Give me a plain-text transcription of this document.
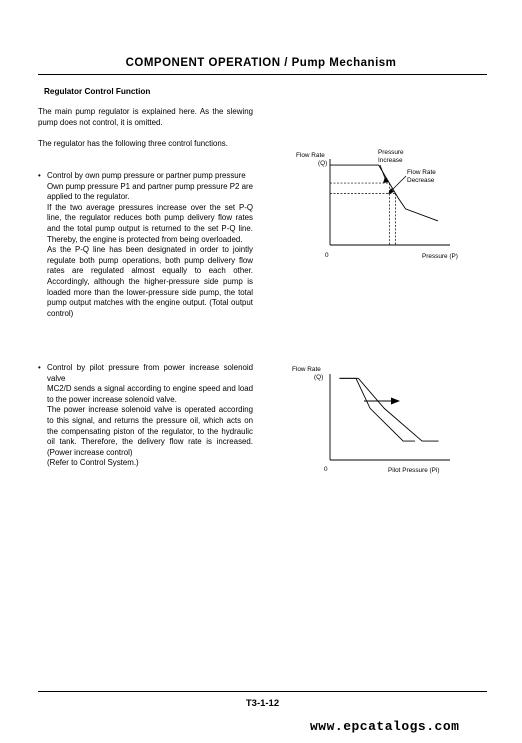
COMPONENT OPERATION / Pump Mechanism
Regulator Control Function

The main pump regulator is explained here. As the slewing pump does not control, it is omitted.

The regulator has the following three control functions.

• Control by own pump pressure or partner pump pressure

Own pump pressure P1 and partner pump pressure P2 are applied to the regulator.

If the two average pressures increase over the set P-Q line, the regulator reduces both pump delivery flow rates and the total pump output is returned to the set P-Q line. Thereby, the engine is protected from being overloaded.

As the P-Q line has been designated in order to jointly regulate both pump operations, both pump delivery flow rates are regulated almost equally to each other. Accordingly, although the higher-pressure side pump is loaded more than the lower-pressure side pump, the total pump output matches with the engine output. (Total output control)

• Control by pilot pressure from power increase solenoid valve

MC2/D sends a signal according to engine speed and load to the power increase solenoid valve.

The power increase solenoid valve is operated according to this signal, and returns the pressure oil, which acts on the compensating piston of the regulator, to the hydraulic oil tank. Therefore, the delivery flow rate is increased. (Power increase control)

(Refer to Control System.)

Flow Rate
(Q)
Pressure
Increase
Flow Rate
Decrease
0	Pressure (P)
Flow Rate
(Q)
0	Pilot Pressure (Pi)
T3-1-12
www.epcatalogs.com
